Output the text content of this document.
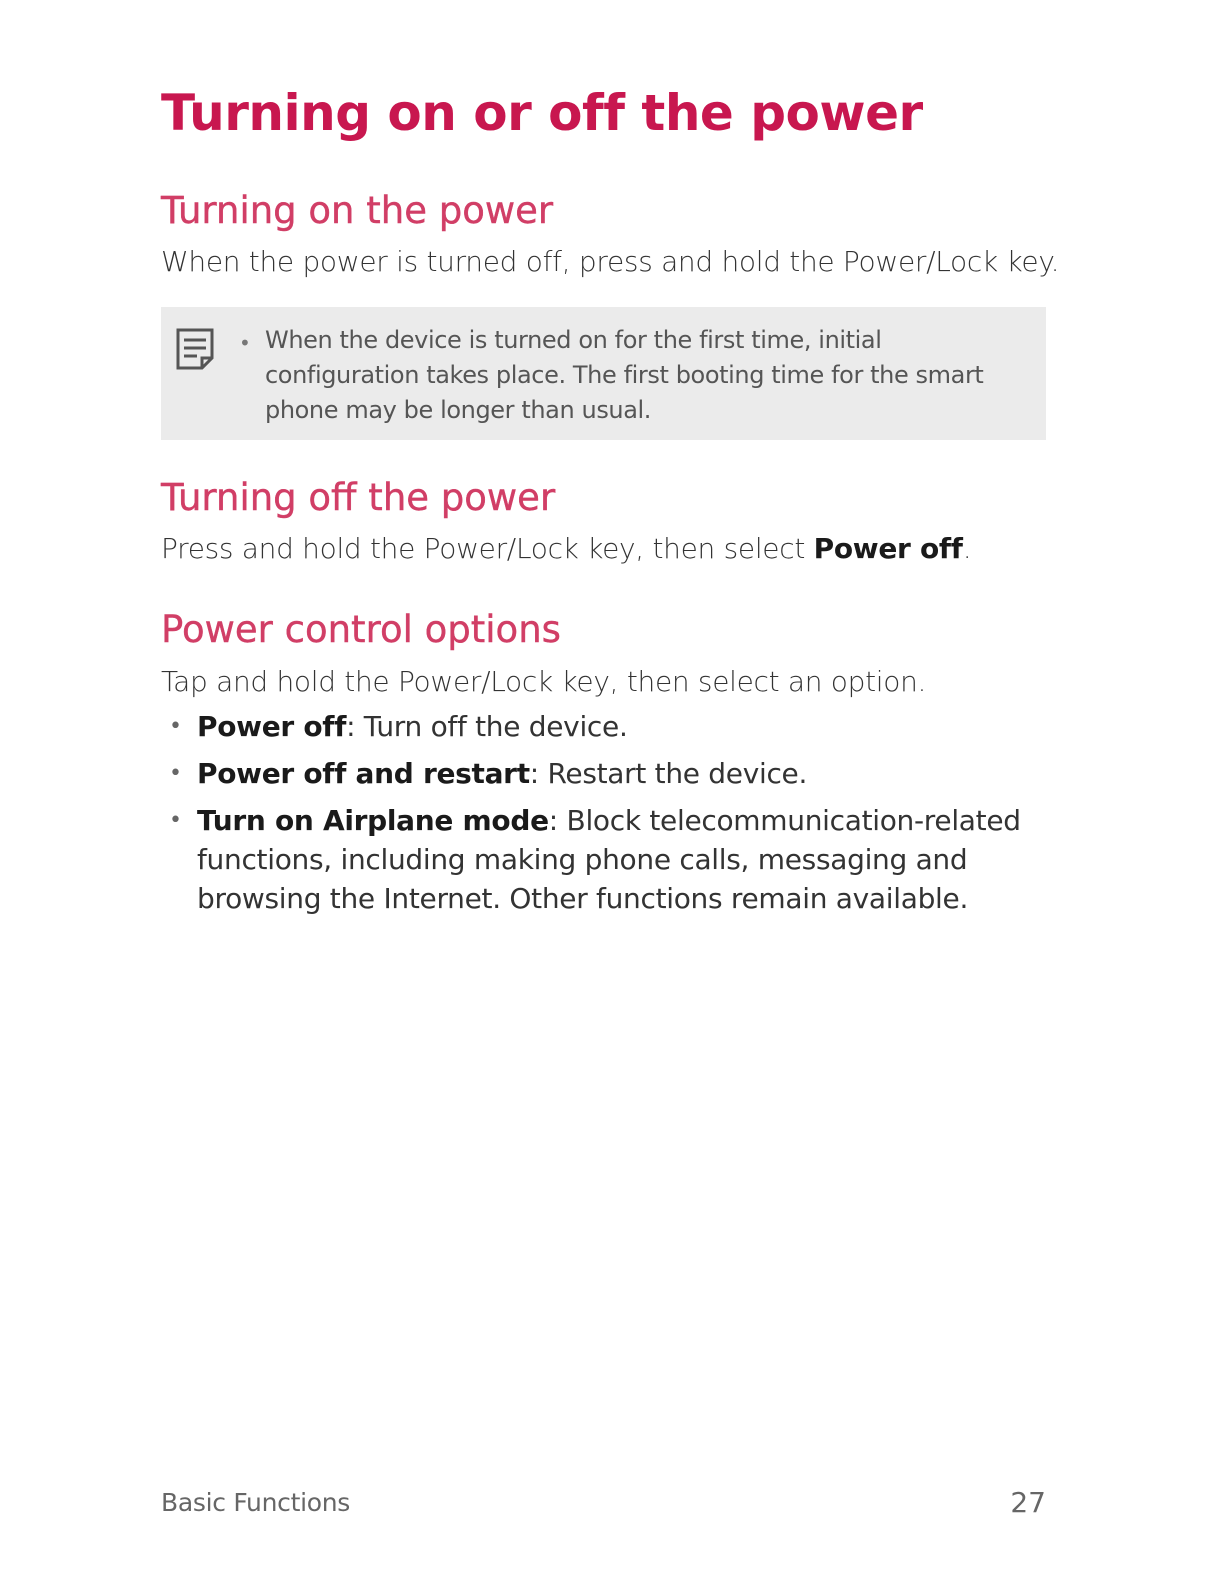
Turning on or off the power
Turning on the power

When the power is turned off, press and hold the Power/Lock key.

• When the device is turned on for the first time, initial configuration takes place. The first booting time for the smart phone may be longer than usual.
Turning off the power

Press and hold the Power/Lock key, then select Power off.

Power control options

Tap and hold the Power/Lock key, then select an option.

• Power off: Turn off the device.
• Power off and restart: Restart the device.
• Turn on Airplane mode: Block telecommunication-related functions, including making phone calls, messaging and browsing the Internet. Other functions remain available.
Basic Functions	27
